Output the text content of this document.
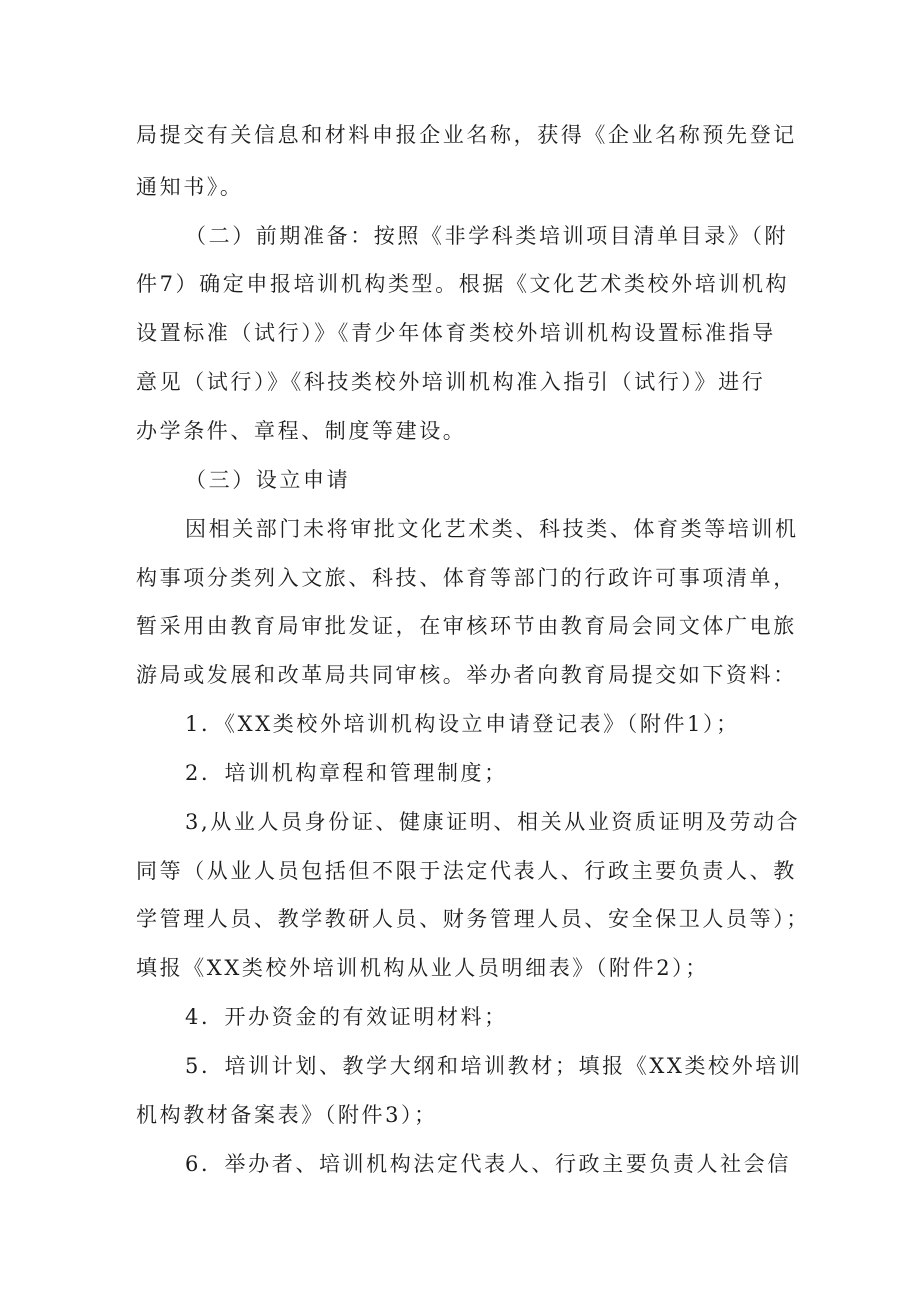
局提交有关信息和材料申报企业名称，获得《企业名称预先登记
通知书》。
（二）前期准备：按照《非学科类培训项目清单目录》（附
件7）确定申报培训机构类型。根据《文化艺术类校外培训机构
设置标准（试行）》《青少年体育类校外培训机构设置标准指导
意见（试行）》《科技类校外培训机构准入指引（试行）》进行
办学条件、章程、制度等建设。
（三）设立申请
因相关部门未将审批文化艺术类、科技类、体育类等培训机
构事项分类列入文旅、科技、体育等部门的行政许可事项清单，
暂采用由教育局审批发证，在审核环节由教育局会同文体广电旅
游局或发展和改革局共同审核。举办者向教育局提交如下资料：
1．《XX类校外培训机构设立申请登记表》（附件1）；
2．培训机构章程和管理制度；
3,从业人员身份证、健康证明、相关从业资质证明及劳动合
同等（从业人员包括但不限于法定代表人、行政主要负责人、教
学管理人员、教学教研人员、财务管理人员、安全保卫人员等）；
填报《XX类校外培训机构从业人员明细表》（附件2）；
4．开办资金的有效证明材料；
5．培训计划、教学大纲和培训教材；填报《XX类校外培训
机构教材备案表》（附件3）；
6．举办者、培训机构法定代表人、行政主要负责人社会信
